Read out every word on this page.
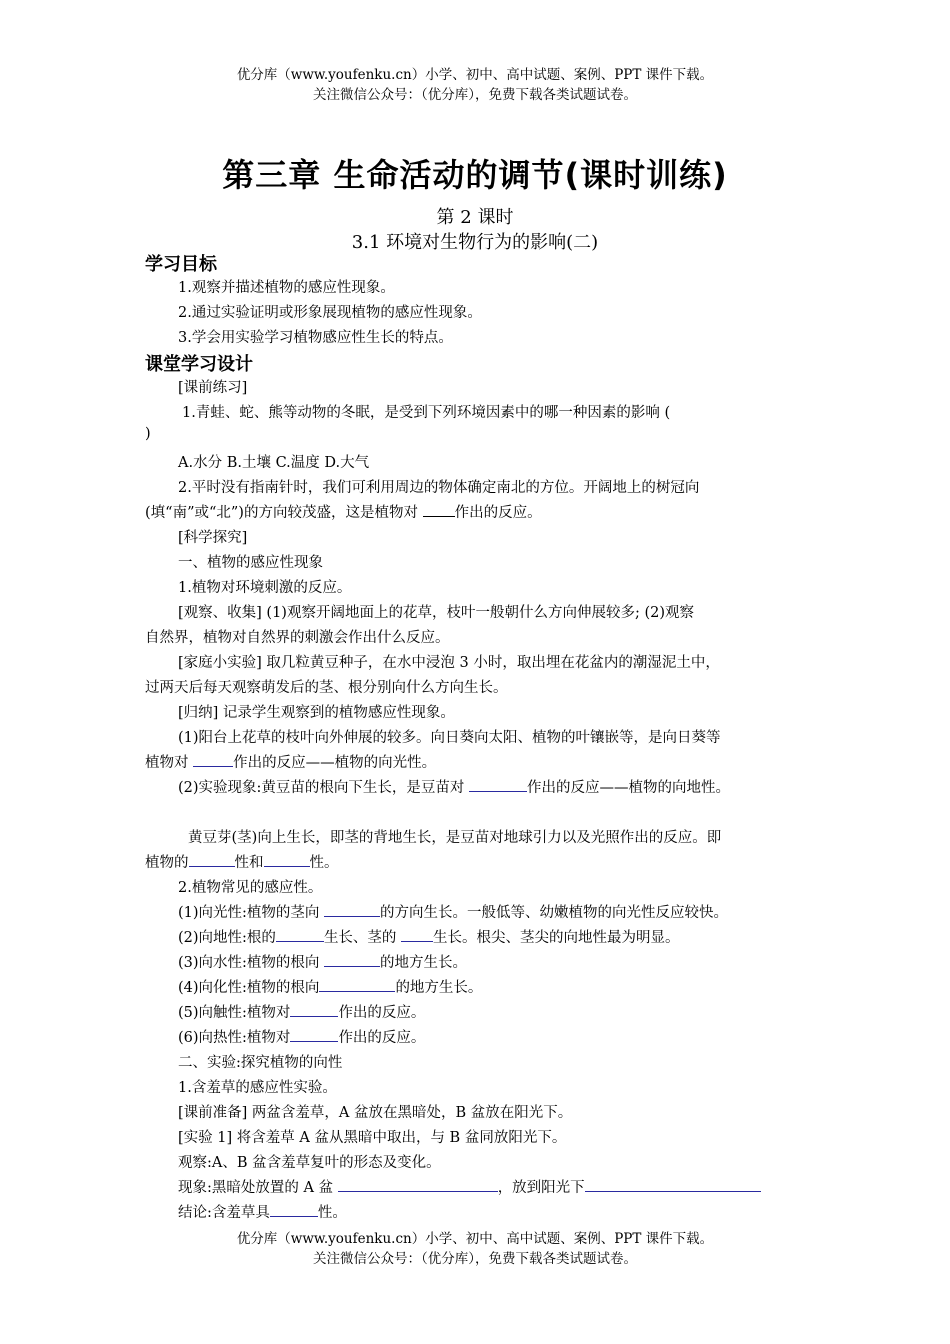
优分库（www.youfenku.cn）小学、初中、高中试题、案例、PPT 课件下载。
关注微信公众号：（优分库），免费下载各类试题试卷。
第三章 生命活动的调节(课时训练)
第 2 课时
3.1 环境对生物行为的影响(二)
学习目标
1.观察并描述植物的感应性现象。
2.通过实验证明或形象展现植物的感应性现象。
3.学会用实验学习植物感应性生长的特点。
课堂学习设计
[课前练习]
1.青蛙、蛇、熊等动物的冬眠，是受到下列环境因素中的哪一种因素的影响 (
)
A.水分 B.土壤 C.温度 D.大气
2.平时没有指南针时，我们可利用周边的物体确定南北的方位。开阔地上的树冠向
(填“南”或“北”)的方向较茂盛，这是植物对 作出的反应。
[科学探究]
一、植物的感应性现象
1.植物对环境刺激的反应。
[观察、收集] (1)观察开阔地面上的花草，枝叶一般朝什么方向伸展较多; (2)观察
自然界，植物对自然界的刺激会作出什么反应。
[家庭小实验] 取几粒黄豆种子，在水中浸泡 3 小时，取出埋在花盆内的潮湿泥土中，
过两天后每天观察萌发后的茎、根分别向什么方向生长。
[归纳] 记录学生观察到的植物感应性现象。
(1)阳台上花草的枝叶向外伸展的较多。向日葵向太阳、植物的叶镶嵌等，是向日葵等
植物对	作出的反应——植物的向光性。
(2)实验现象:黄豆苗的根向下生长，是豆苗对	作出的反应——植物的向地性。
黄豆芽(茎)向上生长，即茎的背地生长，是豆苗对地球引力以及光照作出的反应。即
植物的	性和	性。
2.植物常见的感应性。
(1)向光性:植物的茎向	的方向生长。一般低等、幼嫩植物的向光性反应较快。
(2)向地性:根的	生长、茎的 生长。根尖、茎尖的向地性最为明显。
(3)向水性:植物的根向	的地方生长。
(4)向化性:植物的根向	的地方生长。
(5)向触性:植物对	作出的反应。
(6)向热性:植物对	作出的反应。
二、实验:探究植物的向性
1.含羞草的感应性实验。
[课前准备] 两盆含羞草，A 盆放在黑暗处，B 盆放在阳光下。
[实验 1] 将含羞草 A 盆从黑暗中取出，与 B 盆同放阳光下。
观察:A、B 盆含羞草复叶的形态及变化。
现象:黑暗处放置的 A 盆	，放到阳光下
结论:含羞草具	性。
优分库（www.youfenku.cn）小学、初中、高中试题、案例、PPT 课件下载。
关注微信公众号：（优分库），免费下载各类试题试卷。
